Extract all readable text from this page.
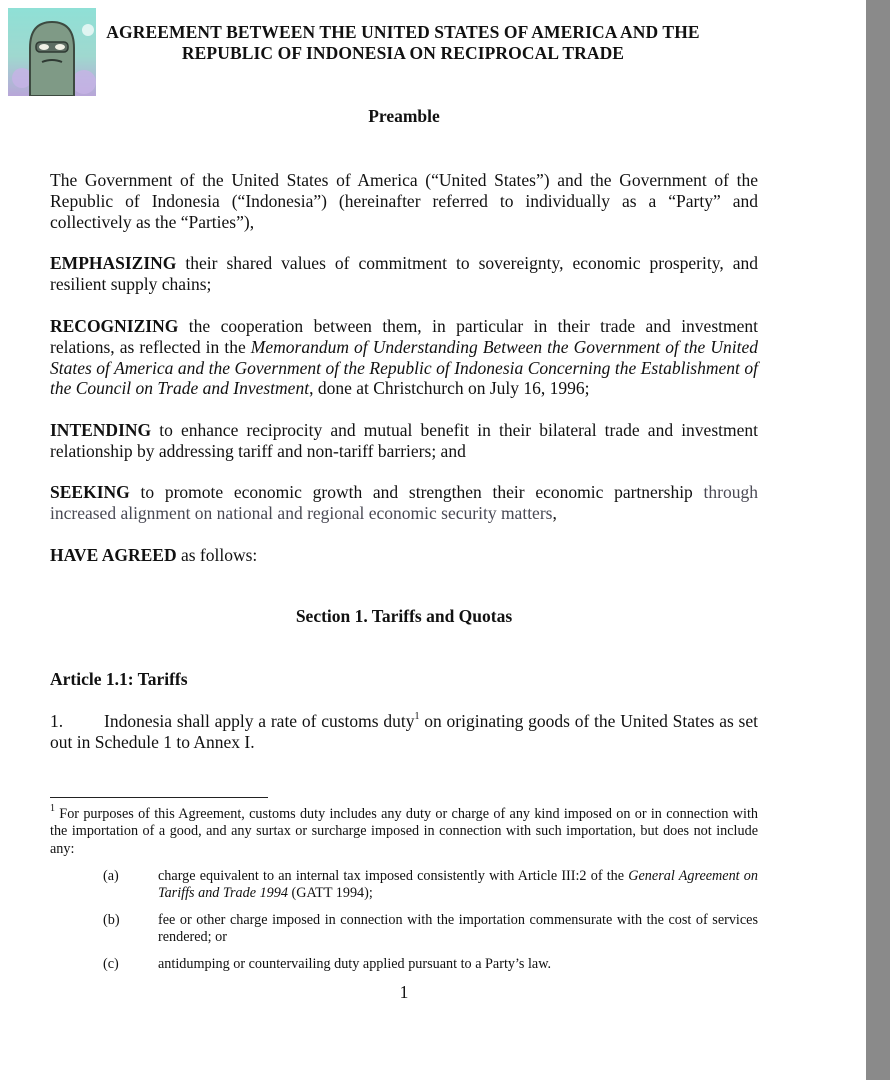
AGREEMENT BETWEEN THE UNITED STATES OF AMERICA AND THE
REPUBLIC OF INDONESIA ON RECIPROCAL TRADE
Preamble
The Government of the United States of America (“United States”) and the Government of the Republic of Indonesia (“Indonesia”) (hereinafter referred to individually as a “Party” and collectively as the “Parties”),
EMPHASIZING their shared values of commitment to sovereignty, economic prosperity, and resilient supply chains;
RECOGNIZING the cooperation between them, in particular in their trade and investment relations, as reflected in the Memorandum of Understanding Between the Government of the United States of America and the Government of the Republic of Indonesia Concerning the Establishment of the Council on Trade and Investment, done at Christchurch on July 16, 1996;
INTENDING to enhance reciprocity and mutual benefit in their bilateral trade and investment relationship by addressing tariff and non-tariff barriers; and
SEEKING to promote economic growth and strengthen their economic partnership through increased alignment on national and regional economic security matters,
HAVE AGREED as follows:
Section 1. Tariffs and Quotas
Article 1.1: Tariffs
1. Indonesia shall apply a rate of customs duty$^1$ on originating goods of the United States as set out in Schedule 1 to Annex I.
$^1$ For purposes of this Agreement, customs duty includes any duty or charge of any kind imposed on or in connection with the importation of a good, and any surtax or surcharge imposed in connection with such importation, but does not include any:
(a)	charge equivalent to an internal tax imposed consistently with Article III:2 of the General Agreement on Tariffs and Trade 1994 (GATT 1994);
(b)	fee or other charge imposed in connection with the importation commensurate with the cost of services rendered; or
(c)	antidumping or countervailing duty applied pursuant to a Party’s law.
1
